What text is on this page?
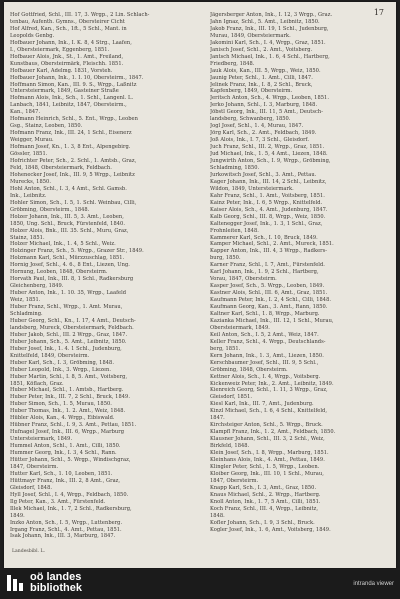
17
Hof Gottfried, Schl., III. 17, 3. Wrgp., 2 Lin. Schlach-
tenbau, Aufenth. Gymns., Obersteirer Cicht
Hof Alfred, Kan., Sch., 1ft., 5 Schl., Mant. in
Leopolds Genbg.
Hofbauer Johann, Ink., I. K. 8, 4 Strg., Laafen,
I., Obersteiermark, Eggenberg, 1851.
Hofbauer Alois, Jnk., St., 1. Amt., Freiland,
Kunstbaus, Obersteirmärk, Fleischh. 1851.
Hofbauer Karl, Adelmg. 1831, Vorsteh.
Hofbauer Johann, Ink., 1. I. 10, Obersteirm., 1847.
Hoffmann Simon, Kan., III. 9. S., Wrgp., Laßnitz
Untersteiermark, 1849, Gasteiner Straße
Hofmann Alois, Ink., Sch., 1. Schl., Langenl. L.
Lanbach, 1841, Leibnitz, 1847, Obersteirm.,
Kan., 1847.
Hofmann Heinrich, Schl., 5. Ent., Wrgp., Leoben
Gsg., Stainz, Leoben, 1850.
Hofmann Franz, Ink., III. 24, 1 Schl., Eisenerz
Weigger, Murau.
Hofmann Josef, Kn., 1. 3, 8 Ent., Alpengebirg.
Gössler, 1851.
Hofrichter Peter, Sch., 2. Schl., 1. Amtsb., Graz,
Feld, 1848, Obersteiermark, Feldbach.
Hohenecker Josef, Ink., III. 9, 5 Wrgp., Leibnitz
Murecks, 1850.
Hohl Anton, Schl., I. 3, 4 Amt., Schl. Gamsb.
Ink., Leibnitz.
Hohler Simon, Sch., I. 5, 1. Schl. Weinbau, Cilli,
Gröbming, Obersteirm., 1848.
Holzer Johann, Ink., III. 5, 3. Amt., Leoben,
1850, Ung. Schl., Bruck, Fürstenfeld, 1840.
Holzer Alois, Bnk., III. 35. Schl., Muru, Graz,
Stainz, 1851.
Holzer Michael, Ink., 1. 4, 5 Schl., Weiz.
Holzinger Franz, Sch., 5. Wrgp., Grazer Str., 1849.
Holzmann Karl, Schl., Mürzzuschlag, 1851.
Hornig Josef, Schl., 4. 6., 8 Ent., Liezen, Ung.
Hornung, Leoben, 1848, Obersteirm.
Horvath Paul, Ink., III. 8, 1 Schl., Radkersburg
Gleichenberg, 1849.
Huber Anton, Ink., 1. 10. 35, Wrgp., Laafeld
Weiz, 1851.
Huber Franz, Schl., Wrgp., 1. Amt. Murau,
Schladming.
Huber Georg, Schl., Kn., I. 17, 4 Amt., Deutsch-
landsberg, Mureck, Obersteiermark, Feldbach.
Huber Jakob, Schl., III. 2 Wrgp., Graz, 1847.
Huber Johann, Sch., 5. Amt., Leibnitz, 1850.
Huber Josef, Ink., 1. 4. 1 Schl., Judenburg,
Knittelfeld, 1849, Obersteirm.
Huber Karl, Sch., I. 3, Gröbming, 1848.
Huber Leopold, Ink., 3. Wrgp., Liezen.
Huber Martin, Schl., I. 8, 5. Amt., Voitsberg,
1851, Köflach, Graz.
Huber Michael, Schl., 1. Amtsb., Hartberg.
Huber Peter, Ink., III. 7, 2 Schl., Bruck, 1849.
Huber Simon, Sch., 1. 5, Murau, 1850.
Huber Thomas, Ink., 1. 2. Amt., Weiz, 1848.
Hübler Alois, Kan., 4. Wrgp., Eibiswald.
Hübner Franz, Schl., I. 9, 3. Amt., Pettau, 1851.
Hufnagel Josef, Ink., III. 6, Wrgp., Marburg
Untersteiermark, 1849.
Hummel Anton, Schl., 1. Amt., Cilli, 1850.
Hummer Georg, Ink., I. 3, 4 Schl., Rann.
Hütter Johann, Schl., 5. Wrgp., Windischgraz,
1847, Obersteirm.
Hutter Karl, Sch., 1. 10, Leoben, 1851.
Hüttmayr Franz, Ink., III. 2, 8 Amt., Graz,
Gleisdorf, 1848.
Hyll Josef, Schl., I. 4, Wrgp., Feldbach, 1850.
Ilg Peter, Kan., 3. Amt., Fürstenfeld.
Illek Michael, Ink., 1. 7, 2 Schl., Radkersburg,
1849.
Inzko Anton, Sch., I. 5, Wrgp., Luttenberg.
Irgang Franz, Schl., 4. Amt., Pettau, 1851.
Isak Johann, Ink., III. 3, Marburg, 1847.
Jägersberger Anton, Ink., I. 12, 3 Wrgp., Graz.
Jahn Ignaz, Schl., 5. Amt., Leibnitz, 1850.
Jakob Franz, Ink., III. 19, 1 Schl., Judenburg,
Murau, 1849, Obersteiermark.
Jakomini Karl, Sch., I. 4, Wrgp., Graz, 1851.
Janisch Josef, Schl., 2. Amt., Voitsberg.
Jantsch Michael, Ink., 1. 6, 4 Schl., Hartberg,
Friedberg, 1848.
Jauk Alois, Kan., III. 5, Wrgp., Weiz, 1850.
Jaunig Peter, Schl., 1. Amt., Cilli, 1847.
Jelinek Franz, Ink., I. 8, 2 Schl., Bruck,
Kapfenberg, 1849, Obersteirm.
Jeritsch Anton, Sch., 4. Wrgp., Leoben, 1851.
Jerko Johann, Schl., I. 3, Marburg, 1848.
Jöbstl Georg, Ink., III. 11, 5 Amt., Deutsch-
landsberg, Schwanberg, 1850.
Jogl Josef, Schl., 1. 4, Murau, 1847.
Jörg Karl, Sch., 2. Amt., Feldbach, 1849.
Joß Alois, Ink., I. 7, 3 Schl., Gleisdorf.
Juch Franz, Schl., III. 2, Wrgp., Graz, 1851.
Jud Michael, Ink., 1. 5, 4 Amt., Liezen, 1848.
Jungwirth Anton, Sch., I. 9, Wrgp., Gröbming,
Schladming, 1850.
Jurkowitsch Josef, Schl., 3. Amt., Pettau.
Kager Johann, Ink., III. 14, 2 Schl., Leibnitz,
Wildon, 1849, Untersteiermark.
Kahr Franz, Schl., 1. Amt., Voitsberg, 1851.
Kainz Peter, Ink., I. 6, 5 Wrgp., Knittelfeld.
Kaiser Alois, Sch., 4. Amt., Judenburg, 1847.
Kalb Georg, Schl., III. 8, Wrgp., Weiz, 1850.
Kaltenegger Josef, Ink., 1. 3, 1 Schl., Graz,
Frohnleiten, 1848.
Kammerer Karl, Sch., I. 10, Bruck, 1849.
Kamper Michael, Schl., 2. Amt., Mureck, 1851.
Kapper Anton, Ink., III. 4, 3 Wrgp., Radkers-
burg, 1850.
Karner Franz, Schl., I. 7, Amt., Fürstenfeld.
Karl Johann, Ink., 1. 9, 2 Schl., Hartberg,
Vorau, 1847, Obersteirm.
Kasper Josef, Sch., 5. Wrgp., Leoben, 1849.
Kastner Alois, Schl., III. 6, Amt., Graz, 1851.
Kaufmann Peter, Ink., I. 2, 4 Schl., Cilli, 1848.
Kaufmann Georg, Kan., 3. Amt., Rann, 1850.
Kaltner Karl, Schl., 1. 8, Wrgp., Marburg.
Kazianka Michael, Ink., III. 12, 1 Schl., Murau,
Obersteiermark, 1849.
Keil Anton, Sch., I. 5, 2 Amt., Weiz, 1847.
Keller Franz, Schl., 4. Wrgp., Deutschlands-
berg, 1851.
Kern Johann, Ink., 1. 3, Amt., Liezen, 1850.
Kerschbaumer Josef, Schl., III. 9, 5 Schl.,
Gröbming, 1848, Obersteirm.
Kettner Alois, Sch., I. 4, Wrgp., Voitsberg.
Kickenweiz Peter, Ink., 2. Amt., Leibnitz, 1849.
Kienreich Georg, Schl., 1. 11, 3 Wrgp., Graz,
Gleisdorf, 1851.
Kiesl Karl, Ink., III. 7, Amt., Judenburg.
Kinzl Michael, Sch., I. 6, 4 Schl., Knittelfeld,
1847.
Kirchsteiger Anton, Schl., 5. Wrgp., Bruck.
Klampfl Franz, Ink., 1. 2, Amt., Feldbach, 1850.
Klausner Johann, Schl., III. 3, 2 Schl., Weiz,
Birkfeld, 1848.
Klein Josef, Sch., I. 8, Wrgp., Marburg, 1851.
Kleinhans Alois, Ink., 4. Amt., Pettau, 1849.
Klingler Peter, Schl., 1. 5, Wrgp., Leoben.
Kloiber Georg, Ink., III. 10, 1 Schl., Murau,
1847, Obersteirm.
Knapp Karl, Sch., I. 3, Amt., Graz, 1850.
Knaus Michael, Schl., 2. Wrgp., Hartberg.
Knoll Anton, Ink., 1. 7, 5 Amt., Cilli, 1851.
Koch Franz, Schl., III. 4, Wrgp., Leibnitz,
1848.
Kofler Johann, Sch., I. 9, 3 Schl., Bruck.
Kogler Josef, Ink., 1. 6, Amt., Voitsberg, 1849.
Landesbibl. L.
oö landes
bibliothek	intranda viewer
